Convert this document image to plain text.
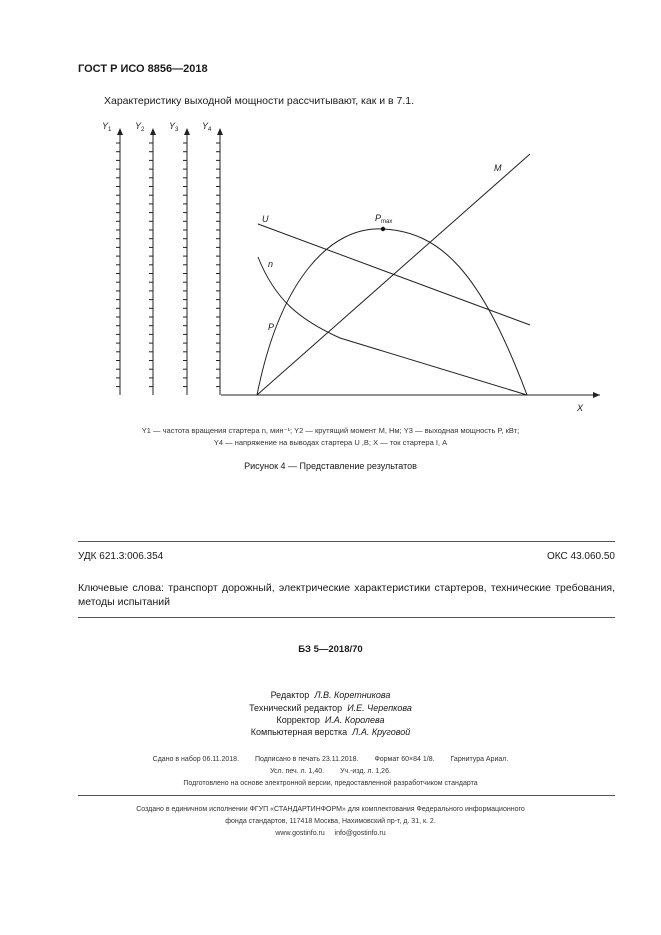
ГОСТ Р ИСО 8856—2018
Характеристику выходной мощности рассчитывают, как и в 7.1.
$Y_1$	$Y_2$	$Y_3$	$Y_4$
X
M
U
n
P
$P_{max}$
Y1 — частота вращения стартера n, мин⁻¹; Y2 — крутящий момент M, Нм; Y3 — выходная мощность P, кВт;
Y4 — напряжение на выводах стартера U ,В; X — ток стартера I, А
Рисунок 4 — Представление результатов
УДК 621.3:006.354	ОКС 43.060.50
Ключевые слова: транспорт дорожный, электрические характеристики стартеров, технические требования, методы испытаний
БЗ 5—2018/70
Редактор Л.В. Коретникова
Технический редактор И.Е. Черепкова
Корректор И.А. Королева
Компьютерная верстка Л.А. Круговой
Сдано в набор 06.11.2018. Подписано в печать 23.11.2018. Формат 60×84 1/8. Гарнитура Ариал.
Усл. печ. л. 1,40. Уч.-изд. л. 1,26.
Подготовлено на основе электронной версии, предоставленной разработчиком стандарта
Создано в единичном исполнении ФГУП «СТАНДАРТИНФОРМ» для комплектования Федерального информационного
фонда стандартов, 117418 Москва, Нахимовский пр-т, д. 31, к. 2.
www.gostinfo.ru info@gostinfo.ru
